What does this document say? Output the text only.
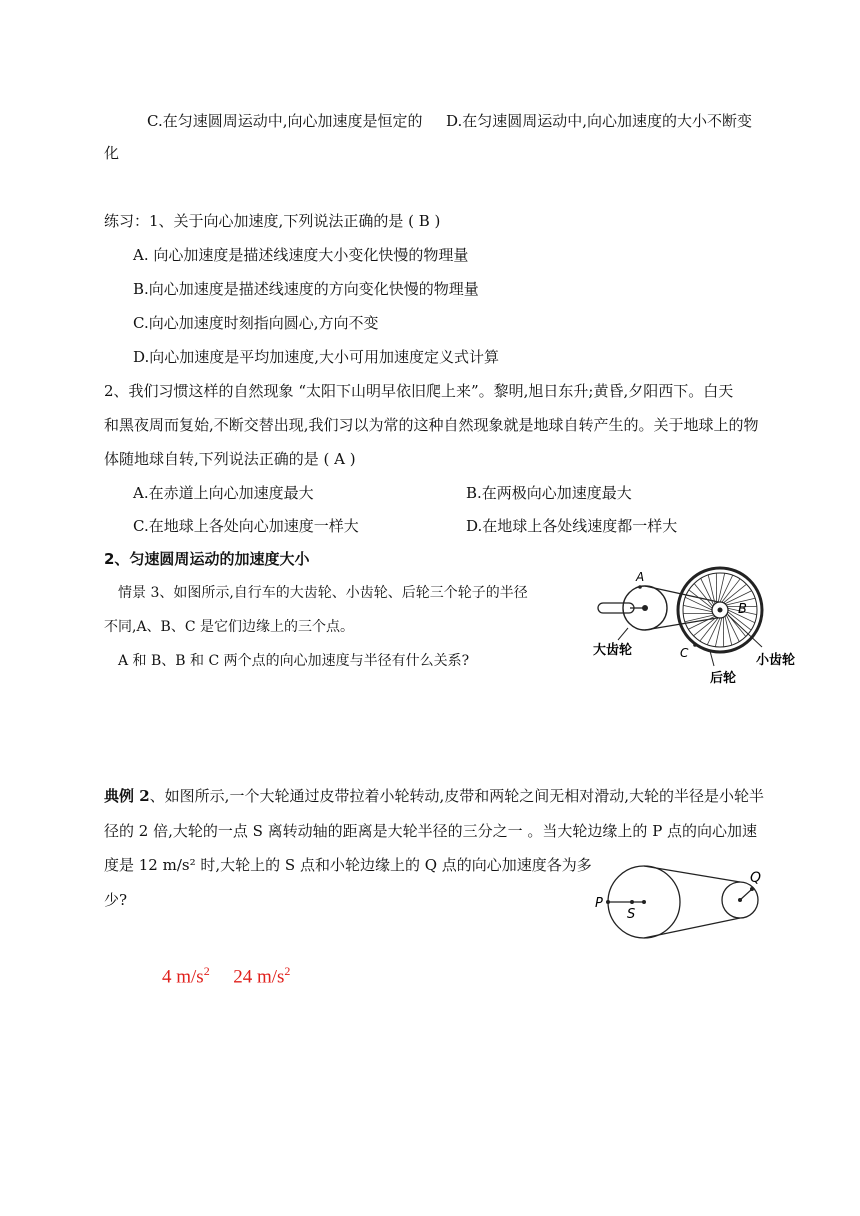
C.在匀速圆周运动中,向心加速度是恒定的 D.在匀速圆周运动中,向心加速度的大小不断变
化
练习：1、关于向心加速度,下列说法正确的是 ( B )
A. 向心加速度是描述线速度大小变化快慢的物理量
B.向心加速度是描述线速度的方向变化快慢的物理量
C.向心加速度时刻指向圆心,方向不变
D.向心加速度是平均加速度,大小可用加速度定义式计算
2、我们习惯这样的自然现象 “太阳下山明早依旧爬上来”。黎明,旭日东升;黄昏,夕阳西下。白天
和黑夜周而复始,不断交替出现,我们习以为常的这种自然现象就是地球自转产生的。关于地球上的物
体随地球自转,下列说法正确的是 ( A )
A.在赤道上向心加速度最大	B.在两极向心加速度最大
C.在地球上各处向心加速度一样大	D.在地球上各处线速度都一样大
2、匀速圆周运动的加速度大小
情景 3、如图所示,自行车的大齿轮、小齿轮、后轮三个轮子的半径
不同,A、B、C 是它们边缘上的三个点。
A 和 B、B 和 C 两个点的向心加速度与半径有什么关系?
A
B
C
大齿轮
小齿轮
后轮
典例 2、如图所示,一个大轮通过皮带拉着小轮转动,皮带和两轮之间无相对滑动,大轮的半径是小轮半
径的 2 倍,大轮的一点 S 离转动轴的距离是大轮半径的三分之一 。当大轮边缘上的 P 点的向心加速
度是 12 m/s² 时,大轮上的 S 点和小轮边缘上的 Q 点的向心加速度各为多
少?	P
S
Q
4 $m/s^2$ 24 $m/s^2$
